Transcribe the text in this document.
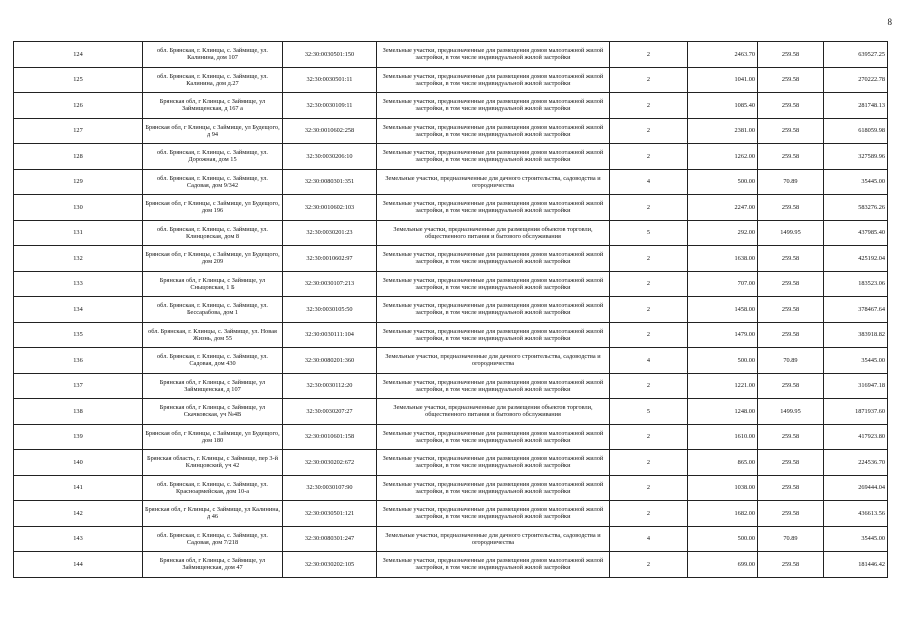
8
124	обл. Брянская, г. Клинцы, с. Займище, ул. Калинина, дом 107	32:30:0030501:150	Земельные участки, предназначенные для размещения домов малоэтажной жилой застройки, в том числе индивидуальной жилой застройки	2	2463.70	259.58	639527.25
125	обл. Брянская, г. Клинцы, с. Займище, ул. Калинина, дом д.27	32:30:0030501:11	Земельные участки, предназначенные для размещения домов малоэтажной жилой застройки, в том числе индивидуальной жилой застройки	2	1041.00	259.58	270222.78
126	Брянская обл, г Клинцы, с Займище, ул Займищенская, д 167 а	32:30:0030109:11	Земельные участки, предназначенные для размещения домов малоэтажной жилой застройки, в том числе индивидуальной жилой застройки	2	1085.40	259.58	281748.13
127	Брянская обл, г Клинцы, с Займище, ул Будещого, д 94	32:30:0010602:258	Земельные участки, предназначенные для размещения домов малоэтажной жилой застройки, в том числе индивидуальной жилой застройки	2	2381.00	259.58	618059.98
128	обл. Брянская, г. Клинцы, с. Займище, ул. Дорожная, дом 15	32:30:0030206:10	Земельные участки, предназначенные для размещения домов малоэтажной жилой застройки, в том числе индивидуальной жилой застройки	2	1262.00	259.58	327589.96
129	обл. Брянская, г. Клинцы, с. Займище, ул. Садовая, дом 9/342	32:30:0080301:351	Земельные участки, предназначенные для дачного строительства, садоводства и огородничества	4	500.00	70.89	35445.00
130	Брянская обл, г Клинцы, с Займище, ул Будещого, дом 196	32:30:0010602:103	Земельные участки, предназначенные для размещения домов малоэтажной жилой застройки, в том числе индивидуальной жилой застройки	2	2247.00	259.58	583276.26
131	обл. Брянская, г. Клинцы, с. Займище, ул. Клинцовская, дом 8	32:30:0030201:23	Земельные участки, предназначенные для размещения объектов торговли, общественного питания и бытового обслуживания	5	292.00	1499.95	437985.40
132	Брянская обл, г Клинцы, с Займище, ул Будещого, дом 209	32:30:0010602:97	Земельные участки, предназначенные для размещения домов малоэтажной жилой застройки, в том числе индивидуальной жилой застройки	2	1638.00	259.58	425192.04
133	Брянская обл, г Клинцы, с Займище, ул Сныцовская, 1 Б	32:30:0030107:213	Земельные участки, предназначенные для размещения домов малоэтажной жилой застройки, в том числе индивидуальной жилой застройки	2	707.00	259.58	183523.06
134	обл. Брянская, г. Клинцы, с. Займище, ул. Бессарабова, дом 1	32:30:0030105:50	Земельные участки, предназначенные для размещения домов малоэтажной жилой застройки, в том числе индивидуальной жилой застройки	2	1458.00	259.58	378467.64
135	обл. Брянская, г. Клинцы, с. Займище, ул. Новая Жизнь, дом 55	32:30:0030111:104	Земельные участки, предназначенные для размещения домов малоэтажной жилой застройки, в том числе индивидуальной жилой застройки	2	1479.00	259.58	383918.82
136	обл. Брянская, г. Клинцы, с. Займище, ул. Садовая, дом 430	32:30:0080201:360	Земельные участки, предназначенные для дачного строительства, садоводства и огородничества	4	500.00	70.89	35445.00
137	Брянская обл, г Клинцы, с Займище, ул Займищенская, д 107	32:30:0030112:20	Земельные участки, предназначенные для размещения домов малоэтажной жилой застройки, в том числе индивидуальной жилой застройки	2	1221.00	259.58	316947.18
138	Брянская обл, г Клинцы, с Займище, ул Скачковская, уч №4В	32:30:0030207:27	Земельные участки, предназначенные для размещения объектов торговли, общественного питания и бытового обслуживания	5	1248.00	1499.95	1871937.60
139	Брянская обл, г Клинцы, с Займище, ул Будещого, дом 180	32:30:0010601:158	Земельные участки, предназначенные для размещения домов малоэтажной жилой застройки, в том числе индивидуальной жилой застройки	2	1610.00	259.58	417923.80
140	Брянская область, г. Клинцы, с Займище, пер 3-й Клинцовский, уч 42	32:30:0030202:672	Земельные участки, предназначенные для размещения домов малоэтажной жилой застройки, в том числе индивидуальной жилой застройки	2	865.00	259.58	224536.70
141	обл. Брянская, г. Клинцы, с. Займище, ул. Красноармейская, дом 10-а	32:30:0030107:90	Земельные участки, предназначенные для размещения домов малоэтажной жилой застройки, в том числе индивидуальной жилой застройки	2	1038.00	259.58	269444.04
142	Брянская обл, г Клинцы, с Займище, ул Калинина, д 46	32:30:0030501:121	Земельные участки, предназначенные для размещения домов малоэтажной жилой застройки, в том числе индивидуальной жилой застройки	2	1682.00	259.58	436613.56
143	обл. Брянская, г. Клинцы, с. Займище, ул. Садовая, дом 7/218	32:30:0080301:247	Земельные участки, предназначенные для дачного строительства, садоводства и огородничества	4	500.00	70.89	35445.00
144	Брянская обл, г Клинцы, с Займище, ул Займищенская, дом 47	32:30:0030202:105	Земельные участки, предназначенные для размещения домов малоэтажной жилой застройки, в том числе индивидуальной жилой застройки	2	699.00	259.58	181446.42
